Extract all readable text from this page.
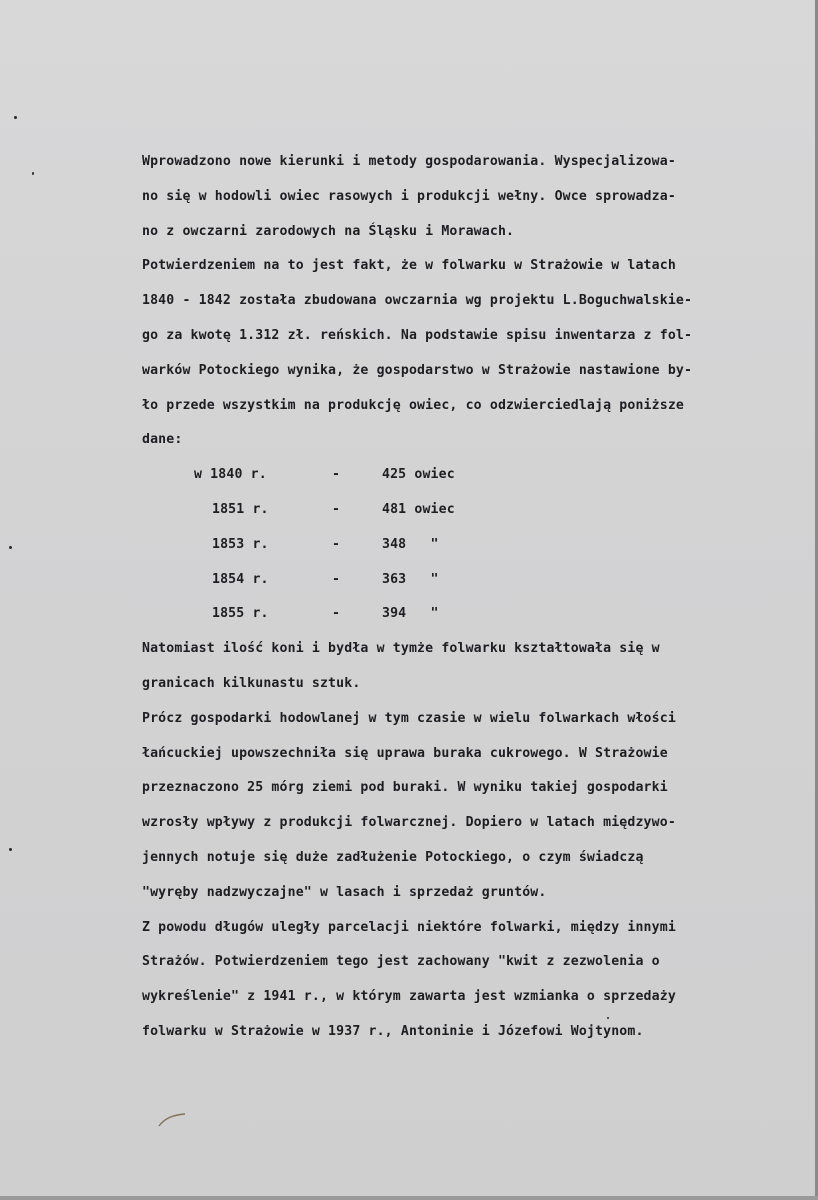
Wprowadzono nowe kierunki i metody gospodarowania. Wyspecjalizowa-
no się w hodowli owiec rasowych i produkcji wełny. Owce sprowadza-
no z owczarni zarodowych na Śląsku i Morawach.
Potwierdzeniem na to jest fakt, że w folwarku w Strażowie w latach
1840 - 1842 została zbudowana owczarnia wg projektu L.Boguchwalskie-
go za kwotę 1.312 zł. reńskich. Na podstawie spisu inwentarza z fol-
warków Potockiego wynika, że gospodarstwo w Strażowie nastawione by-
ło przede wszystkim na produkcję owiec, co odzwierciedlają poniższe
dane:
w 1840 r.	-	425 owiec
1851 r.	-	481 owiec
1853 r.	-	348   "
1854 r.	-	363   "
1855 r.	-	394   "
Natomiast ilość koni i bydła w tymże folwarku kształtowała się w
granicach kilkunastu sztuk.
Prócz gospodarki hodowlanej w tym czasie w wielu folwarkach włości
łańcuckiej upowszechniła się uprawa buraka cukrowego. W Strażowie
przeznaczono 25 mórg ziemi pod buraki. W wyniku takiej gospodarki
wzrosły wpływy z produkcji folwarcznej. Dopiero w latach międzywo-
jennych notuje się duże zadłużenie Potockiego, o czym świadczą
"wyręby nadzwyczajne" w lasach i sprzedaż gruntów.
Z powodu długów uległy parcelacji niektóre folwarki, między innymi
Strażów. Potwierdzeniem tego jest zachowany "kwit z zezwolenia o
wykreślenie" z 1941 r., w którym zawarta jest wzmianka o sprzedaży
folwarku w Strażowie w 1937 r., Antoninie i Józefowi Wojtynom.
